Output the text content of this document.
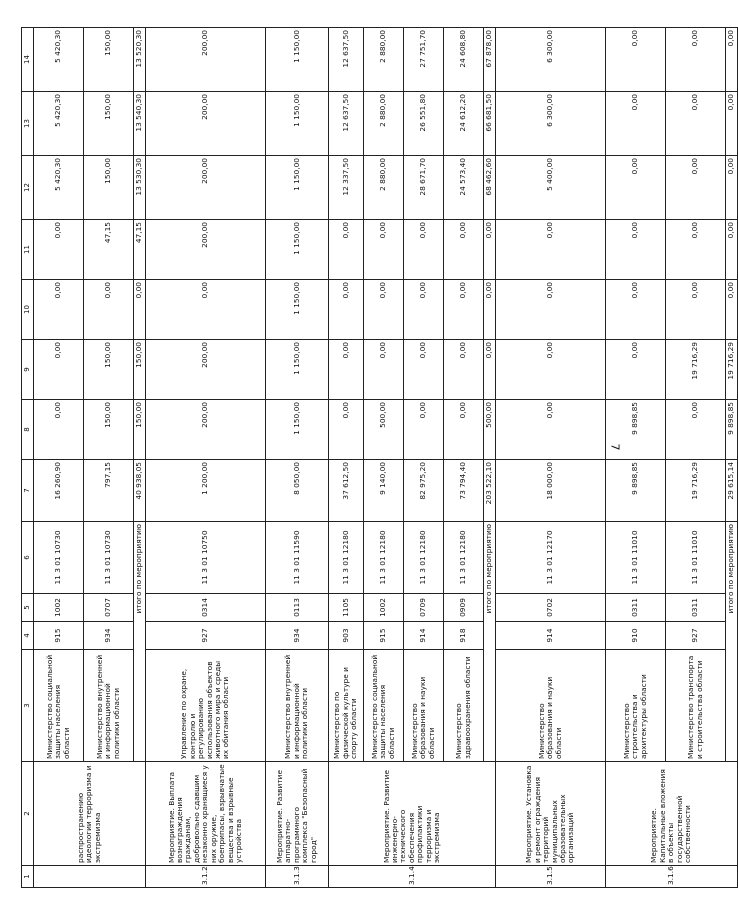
7
1	2	3	4	5	6	7	8	9	10	11	12	13	14
	распространению идеологии терроризма и экстремизма	Министерство социальной защиты населения области	915	1002	11 3 01 10730	16 260,90	0,00	0,00	0,00	0,00	5 420,30	5 420,30	5 420,30
		Министерство внутренней и информационной политики области	934	0707	11 3 01 10730	797,15	150,00	150,00	0,00	47,15	150,00	150,00	150,00
		итого по мероприятию				40 938,05	150,00	150,00	0,00	47,15	13 530,30	13 540,30	13 520,30
3.1.2	Мероприятие. Выплата вознаграждения гражданам, добровольно сдавшим незаконно хранящиеся у них оружие, боеприпасы, взрывчатые вещества и взрывные устройства	Управление по охране, контролю и регулированию использования объектов животного мира и среды их обитания области	927	0314	11 3 01 10750	1 200,00	200,00	200,00	0,00	200,00	200,00	200,00	200,00
3.1.3	Мероприятие. Развитие аппаратно-программного комплекса "Безопасный город"	Министерство внутренней и информационной политики области	934	0113	11 3 01 11590	8 050,00	1 150,00	1 150,00	1 150,00	1 150,00	1 150,00	1 150,00	1 150,00
3.1.4	Мероприятие. Развитие инженерно-технического обеспечения профилактики терроризма и экстремизма	Министерство по физической культуре и спорту области	903	1105	11 3 01 12180	37 612,50	0,00	0,00	0,00	0,00	12 337,50	12 637,50	12 637,50
		Министерство социальной защиты населения области	915	1002	11 3 01 12180	9 140,00	500,00	0,00	0,00	0,00	2 880,00	2 880,00	2 880,00
		Министерство образования и науки области	914	0709	11 3 01 12180	82 975,20	0,00	0,00	0,00	0,00	28 671,70	26 551,80	27 751,70
		Министерство здравоохранения области	918	0909	11 3 01 12180	73 794,40	0,00	0,00	0,00	0,00	24 573,40	24 612,20	24 608,80
		итого по мероприятию				203 522,10	500,00	0,00	0,00	0,00	68 462,60	66 681,50	67 878,00
3.1.5	Мероприятие. Установка и ремонт ограждения территорий муниципальных образовательных организаций	Министерство образования и науки области	914	0702	11 3 01 12170	18 000,00	0,00	0,00	0,00	0,00	5 400,00	6 300,00	6 300,00
3.1.6	Мероприятие. Капитальные вложения в объекты государственной собственности	Министерство строительства и архитектуры области	910	0311	11 3 01 11010	9 898,85	9 898,85	0,00	0,00	0,00	0,00	0,00	0,00
		Министерство транспорта и строительства области	927	0311	11 3 01 11010	19 716,29	0,00	19 716,29	0,00	0,00	0,00	0,00	0,00
		итого по мероприятию				29 615,14	9 898,85	19 716,29	0,00	0,00	0,00	0,00	0,00
